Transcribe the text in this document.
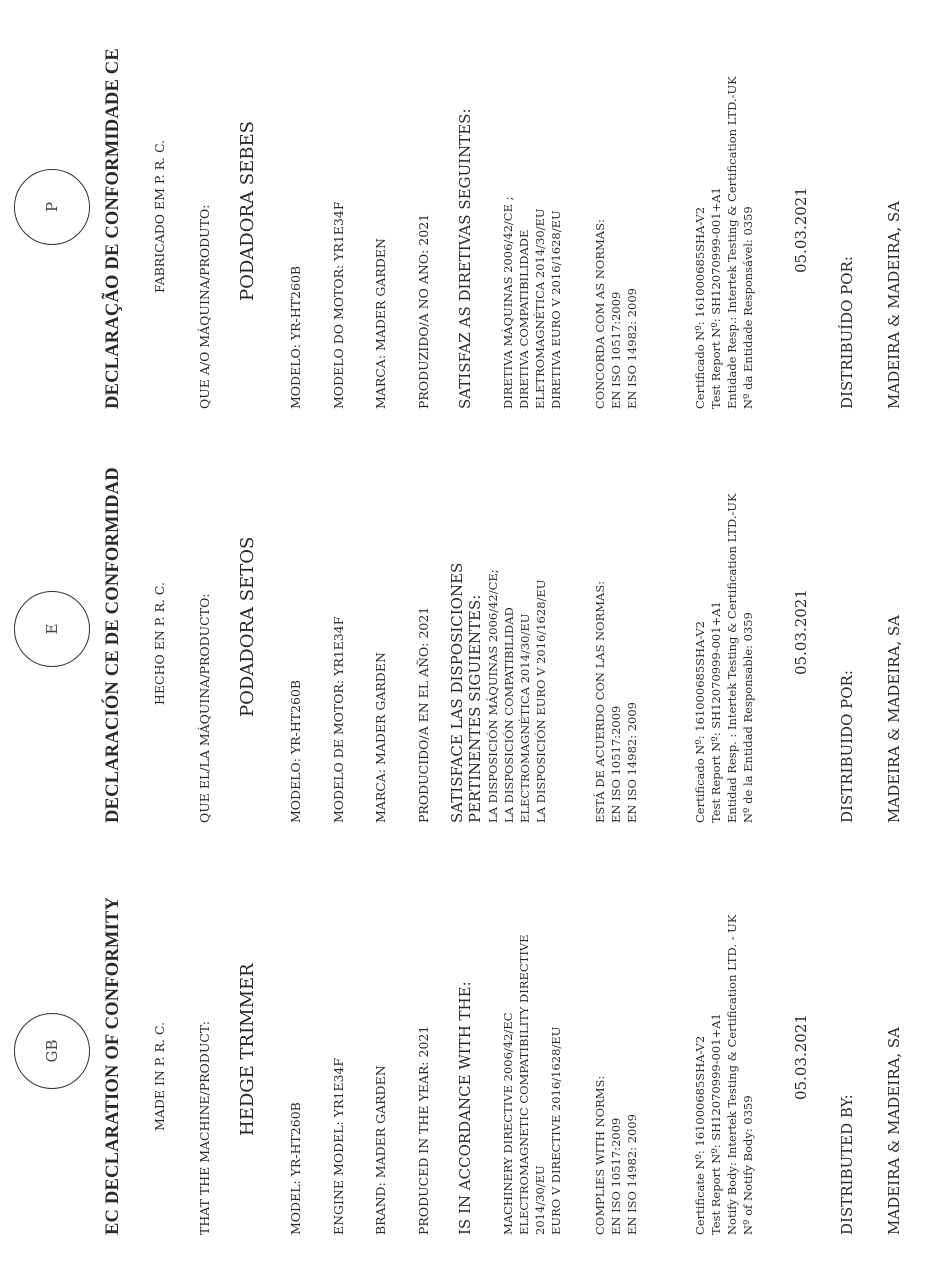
GB	EC DECLARATION OF CONFORMITY MADE IN P. R. C. THAT THE MACHINE/PRODUCT: HEDGE TRIMMER
MODEL: YR-HT260B ENGINE MODEL: YR1E34F BRAND: MADER GARDEN PRODUCED IN THE YEAR: 2021 IS IN ACCORDANCE WITH THE: MACHINERY DIRECTIVE 2006/42/EC ELECTROMAGNETIC COMPATIBILITY DIRECTIVE 2014/30/EU EURO V DIRECTIVE 2016/1628/EU	COMPLIES WITH NORMS: EN ISO 10517:2009 EN ISO 14982: 2009	Certificate Nº: 161000685SHA-V2 Test Report Nº: SH12070999-001+A1 Notify Body: Intertek Testing & Certification LTD. - UK Nº of Notify Body: 0359
05.03.2021
DISTRIBUTED BY: MADEIRA & MADEIRA, SA
E	DECLARACIÓN CE DE CONFORMIDAD HECHO EN P. R. C. QUE EL/LA MÁQUINA/PRODUCTO: PODADORA SETOS
MODELO: YR-HT260B MODELO DE MOTOR: YR1E34F MARCA: MADER GARDEN PRODUCIDO/A EN EL AÑO: 2021 SATISFACE LAS DISPOSICIONES PERTINENTES SIGUIENTES: LA DISPOSICIÓN MÁQUINAS 2006/42/CE; LA DISPOSICIÓN COMPATIBILIDAD ELECTROMAGNÉTICA 2014/30/EU LA DISPOSICIÓN EURO V 2016/1628/EU	ESTÁ DE ACUERDO CON LAS NORMAS: EN ISO 10517:2009 EN ISO 14982: 2009	Certificado Nº: 161000685SHA-V2 Test Report Nº: SH12070999-001+A1 Entidad Resp. : Intertek Testing & Certification LTD.-UK Nº de la Entidad Responsable: 0359 05.03.2021
DISTRIBUIDO POR: MADEIRA & MADEIRA, SA
P	DECLARAÇÃO DE CONFORMIDADE CE FABRICADO EM P. R. C. QUE A/O MÁQUINA/PRODUTO: PODADORA SEBES
MODELO: YR-HT260B MODELO DO MOTOR: YR1E34F MARCA: MADER GARDEN PRODUZIDO/A NO ANO: 2021 SATISFAZ AS DIRETIVAS SEGUINTES: DIRETIVA MÁQUINAS 2006/42/CE ; DIRETIVA COMPATIBILIDADE ELETROMAGNÉTICA 2014/30/EU DIRETIVA EURO V 2016/1628/EU	CONCORDA COM AS NORMAS: EN ISO 10517:2009 EN ISO 14982: 2009	Certificado Nº: 161000685SHA-V2 Test Report Nº: SH12070999-001+A1 Entidade Resp.: Intertek Testing & Certification LTD.-UK Nº da Entidade Responsável: 0359 05.03.2021
DISTRIBUÍDO POR: MADEIRA & MADEIRA, SA
